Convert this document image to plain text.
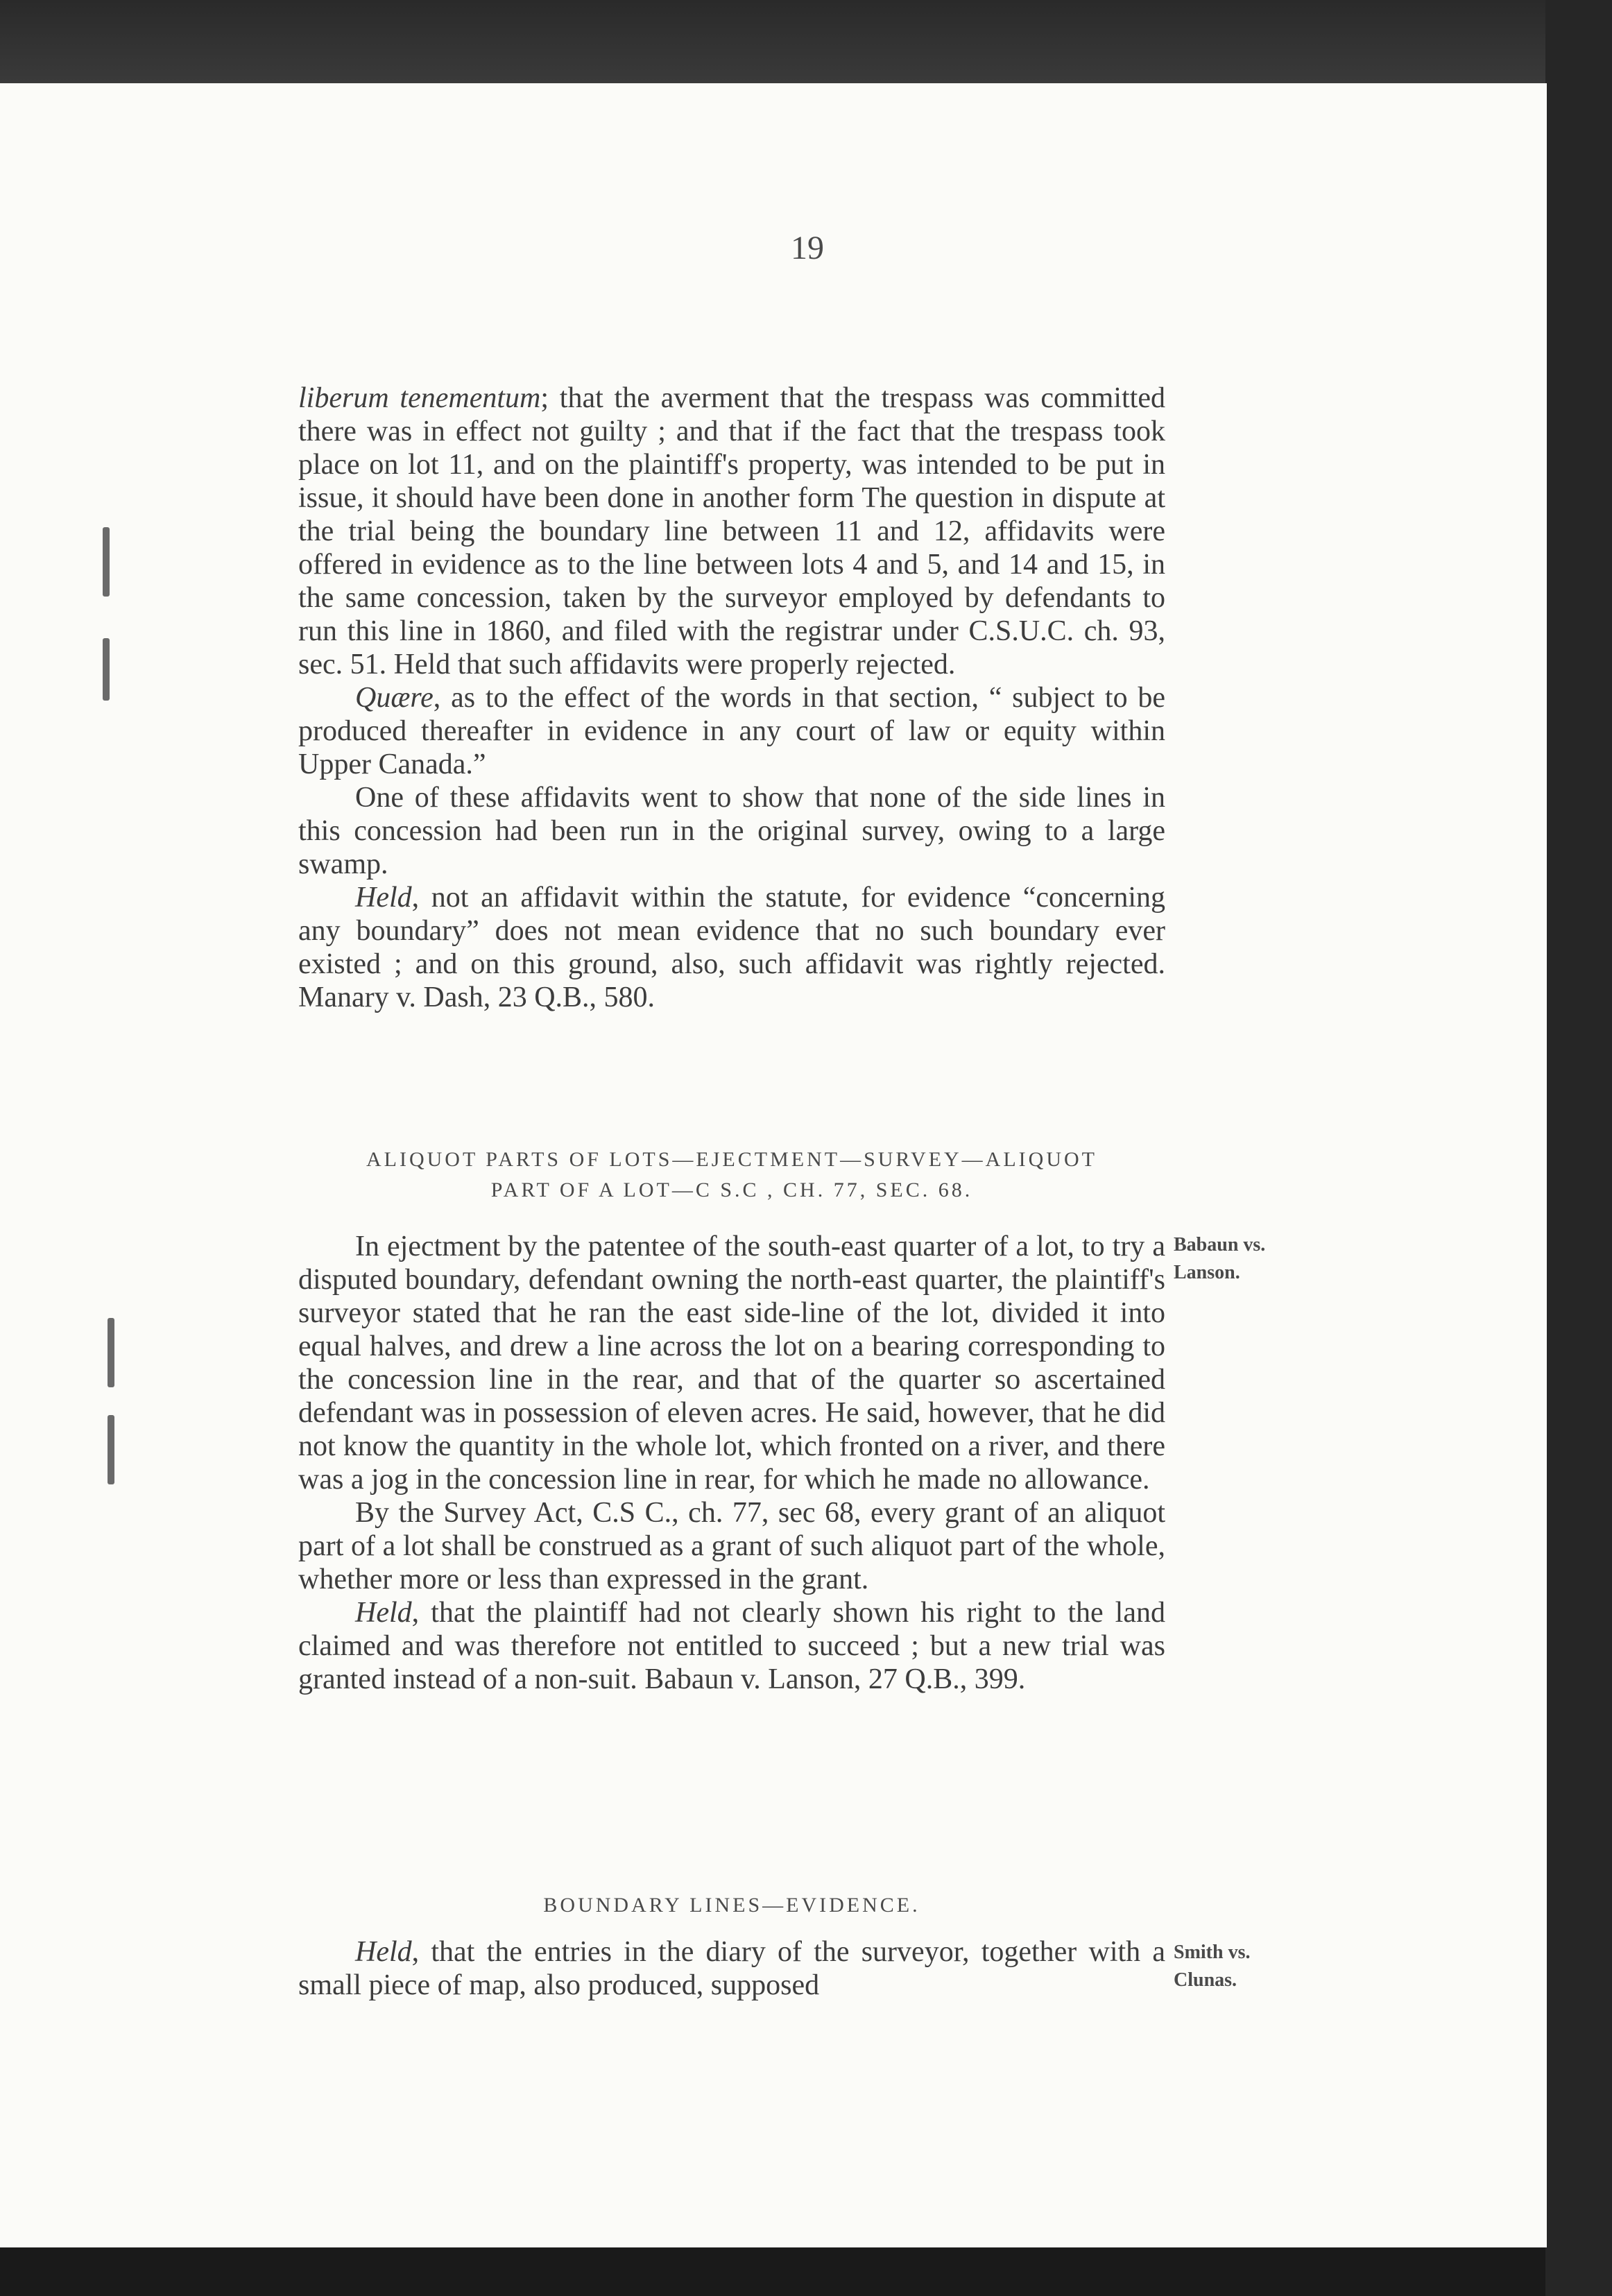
19

liberum tenementum; that the averment that the trespass was committed there was in effect not guilty ; and that if the fact that the trespass took place on lot 11, and on the plaintiff's property, was intended to be put in issue, it should have been done in another form The question in dispute at the trial being the boundary line between 11 and 12, affidavits were offered in evidence as to the line between lots 4 and 5, and 14 and 15, in the same concession, taken by the surveyor employed by defendants to run this line in 1860, and filed with the registrar under C.S.U.C. ch. 93, sec. 51. Held that such affidavits were properly rejected.

Quære, as to the effect of the words in that section, “ subject to be produced thereafter in evidence in any court of law or equity within Upper Canada.”

One of these affidavits went to show that none of the side lines in this concession had been run in the original survey, owing to a large swamp.

Held, not an affidavit within the statute, for evidence “concerning any boundary” does not mean evidence that no such boundary ever existed ; and on this ground, also, such affidavit was rightly rejected. Manary v. Dash, 23 Q.B., 580.

ALIQUOT PARTS OF LOTS—EJECTMENT—SURVEY—ALIQUOT
PART OF A LOT—C S.C , CH. 77, SEC. 68.
Babaun vs.
Lanson.

In ejectment by the patentee of the south-east quarter of a lot, to try a disputed boundary, defendant owning the north-east quarter, the plaintiff's surveyor stated that he ran the east side-line of the lot, divided it into equal halves, and drew a line across the lot on a bearing corresponding to the concession line in the rear, and that of the quarter so ascertained defendant was in possession of eleven acres. He said, however, that he did not know the quantity in the whole lot, which fronted on a river, and there was a jog in the concession line in rear, for which he made no allowance.

By the Survey Act, C.S C., ch. 77, sec 68, every grant of an aliquot part of a lot shall be construed as a grant of such aliquot part of the whole, whether more or less than expressed in the grant.

Held, that the plaintiff had not clearly shown his right to the land claimed and was therefore not entitled to succeed ; but a new trial was granted instead of a non-suit. Babaun v. Lanson, 27 Q.B., 399.

BOUNDARY LINES—EVIDENCE.
Smith vs.
Clunas.

Held, that the entries in the diary of the surveyor, together with a small piece of map, also produced, supposed
